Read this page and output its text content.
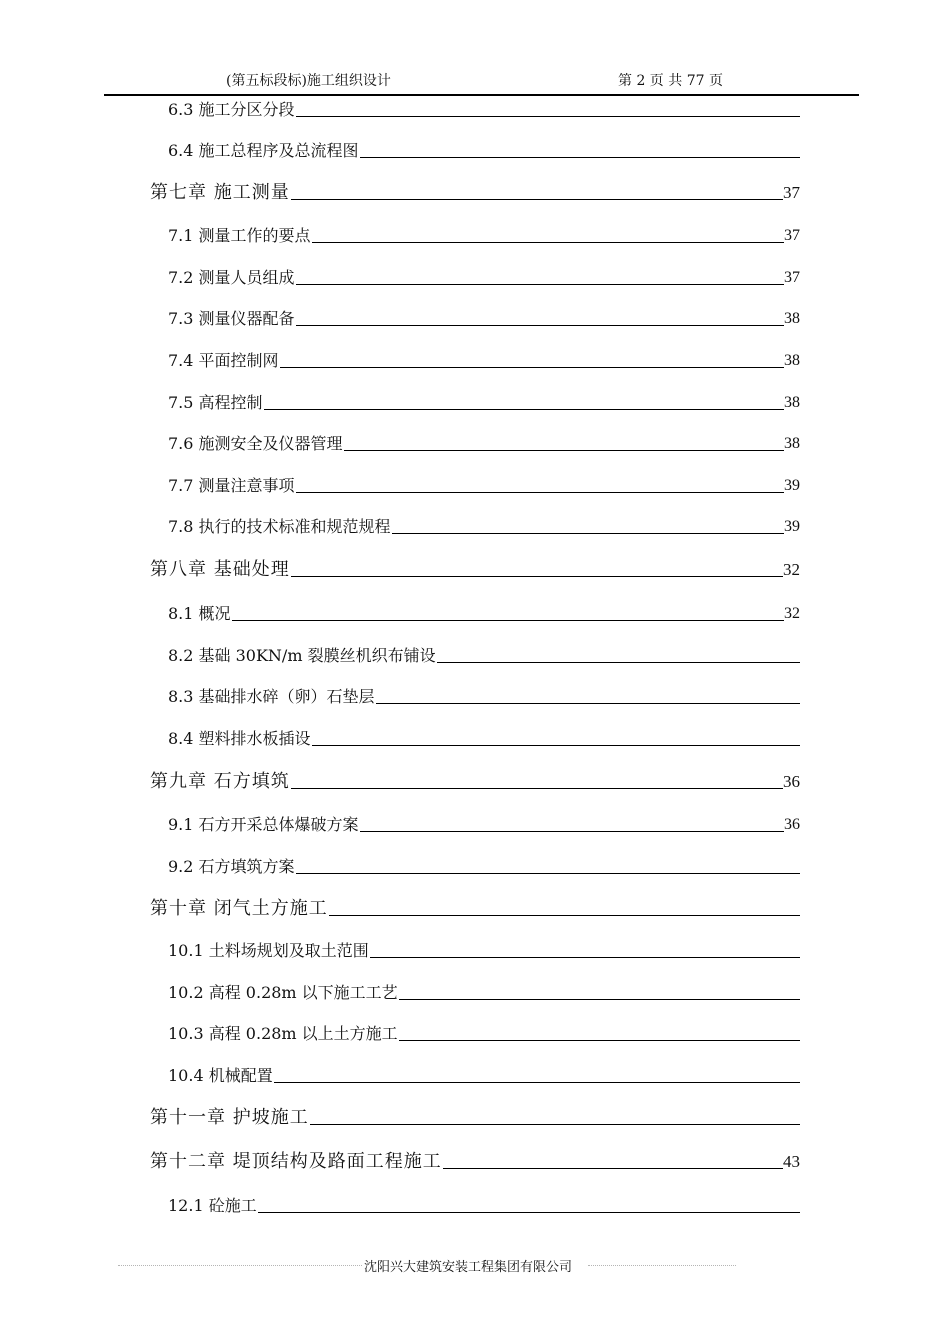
(第五标段标)施工组织设计	第 2 页 共 77 页
6.3 施工分区分段
6.4 施工总程序及总流程图
第七章 施工测量	37
7.1 测量工作的要点	37
7.2 测量人员组成	37
7.3 测量仪器配备	38
7.4 平面控制网	38
7.5 高程控制	38
7.6 施测安全及仪器管理	38
7.7 测量注意事项	39
7.8 执行的技术标准和规范规程	39
第八章 基础处理	32
8.1 概况	32
8.2 基础 30KN/m 裂膜丝机织布铺设
8.3 基础排水碎（卵）石垫层
8.4 塑料排水板插设
第九章 石方填筑	36
9.1 石方开采总体爆破方案	36
9.2 石方填筑方案
第十章 闭气土方施工
10.1 土料场规划及取土范围
10.2 高程 0.28m 以下施工工艺
10.3 高程 0.28m 以上土方施工
10.4 机械配置
第十一章 护坡施工
第十二章 堤顶结构及路面工程施工	43
12.1 砼施工
沈阳兴大建筑安装工程集团有限公司
